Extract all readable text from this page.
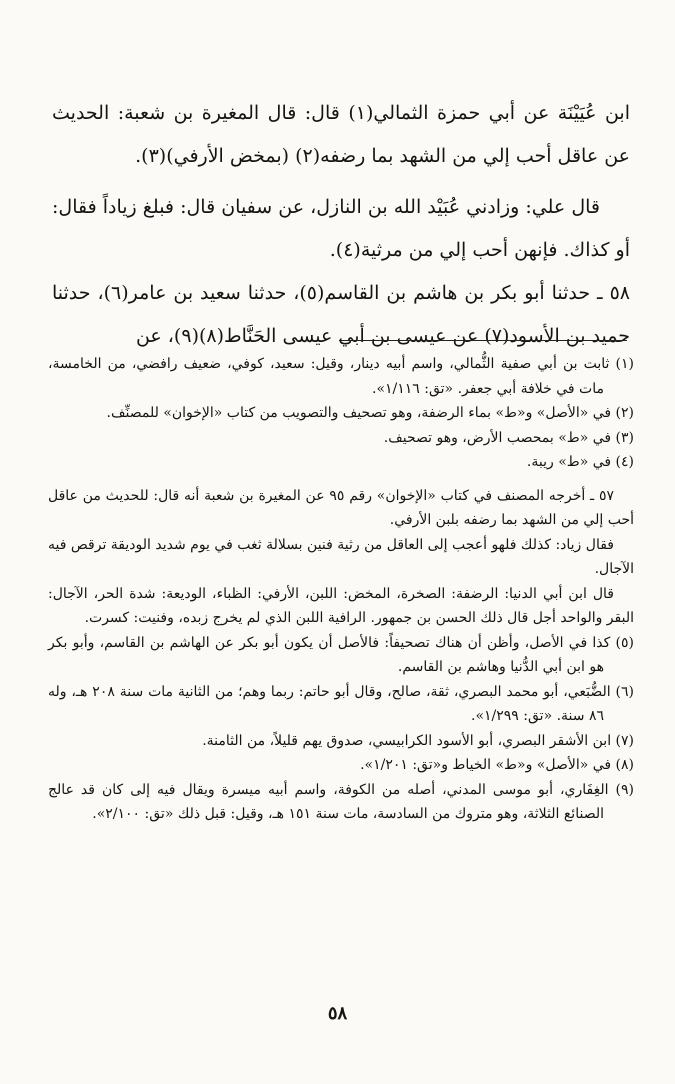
ابن عُيَيْنَة عن أبي حمزة الثمالي(١) قال: قال المغيرة بن شعبة: الحديث عن عاقل أحب إلي من الشهد بما رضفه(٢) (بمخض الأرفي)(٣).

قال علي: وزادني عُبَيْد الله بن النازل، عن سفيان قال: فبلغ زياداً فقال: أو كذاك. فإنهن أحب إلي من مرثية(٤).

٥٨ ـ حدثنا أبو بكر بن هاشم بن القاسم(٥)، حدثنا سعيد بن عامر(٦)، حدثنا حميد بن الأسود(٧) عن عيسى بن أبي عيسى الحَنَّاط(٨)(٩)، عن

(١) ثابت بن أبي صفية الثُّمالي، واسم أبيه دينار، وقيل: سعيد، كوفي، ضعيف رافضي، من الخامسة، مات في خلافة أبي جعفر. «تق: ١/١١٦».

(٢) في «الأصل» و«ط» بماء الرضفة، وهو تصحيف والتصويب من كتاب «الإخوان» للمصنِّف.

(٣) في «ط» بمحصب الأرض، وهو تصحيف.

(٤) في «ط» ريبة.

٥٧ ـ أخرجه المصنف في كتاب «الإخوان» رقم ٩٥ عن المغيرة بن شعبة أنه قال: للحديث من عاقل أحب إلي من الشهد بما رضفه بلبن الأرفي.

فقال زياد: كذلك فلهو أعجب إلى العاقل من رثية فنين بسلالة ثغب في يوم شديد الوديقة ترقص فيه الآجال.

قال ابن أبي الدنيا: الرضفة: الصخرة، المخض: اللبن، الأرفي: الظباء، الوديعة: شدة الحر، الآجال: البقر والواحد أجل قال ذلك الحسن بن جمهور. الرافية اللبن الذي لم يخرج زبده، وفنيت: كسرت.

(٥) كذا في الأصل، وأظن أن هناك تصحيفاً: فالأصل أن يكون أبو بكر عن الهاشم بن القاسم، وأبو بكر هو ابن أبي الدُّنيا وهاشم بن القاسم.

(٦) الضُّبَعي، أبو محمد البصري، ثقة، صالح، وقال أبو حاتم: ربما وهم؛ من الثانية مات سنة ٢٠٨ هـ، وله ٨٦ سنة. «تق: ١/٢٩٩».

(٧) ابن الأشقر البصري، أبو الأسود الكرابيسي، صدوق يهم قليلاً، من الثامنة.

(٨) في «الأصل» و«ط» الخياط و«تق: ١/٢٠١».

(٩) الغِفَاري، أبو موسى المدني، أصله من الكوفة، واسم أبيه ميسرة ويقال فيه إلى كان قد عالج الصنائع الثلاثة، وهو متروك من السادسة، مات سنة ١٥١ هـ، وقيل: قبل ذلك «تق: ٢/١٠٠».

٥٨
